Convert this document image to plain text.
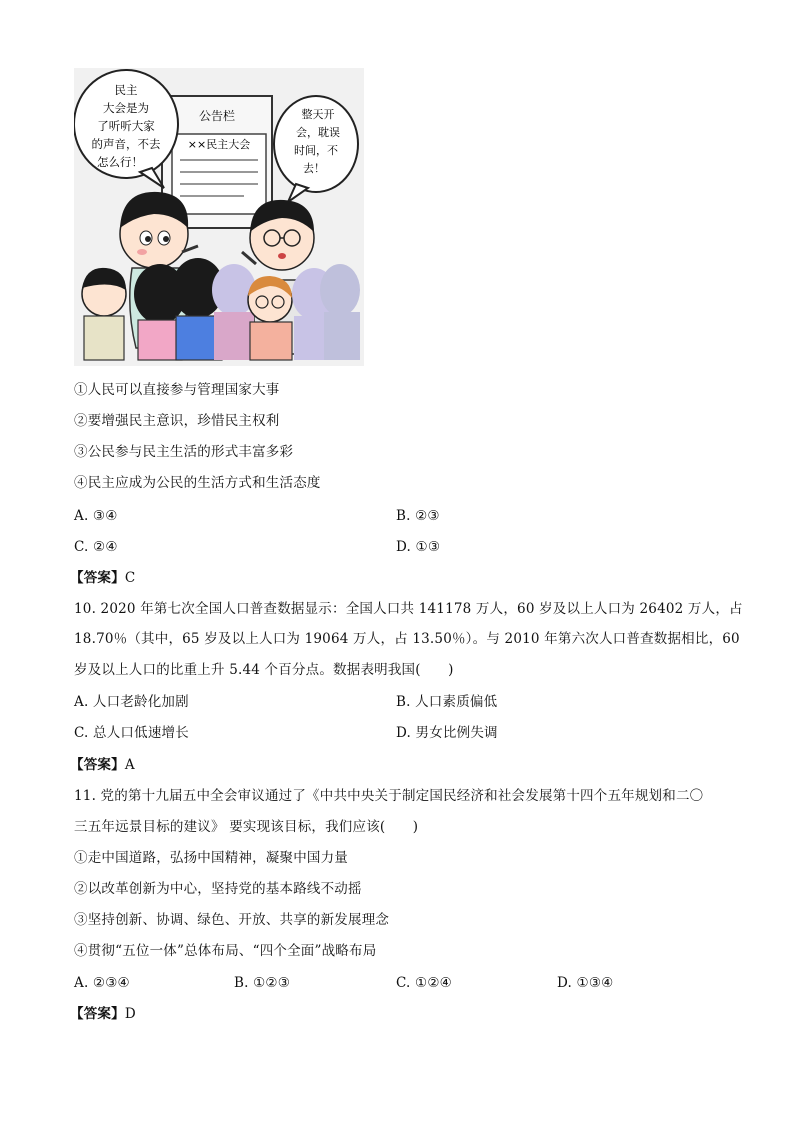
公告栏
××民主大会
民主
大会是为
了听听大家
的声音，不去
怎么行！
整天开
会，耽误
时间，不
去！
①人民可以直接参与管理国家大事
②要增强民主意识，珍惜民主权利
③公民参与民主生活的形式丰富多彩
④民主应成为公民的生活方式和生活态度
A. ③④	B. ②③
C. ②④	D. ①③
【答案】C
10. 2020 年第七次全国人口普查数据显示：全国人口共 141178 万人，60 岁及以上人口为 26402 万人，占
18.70％（其中，65 岁及以上人口为 19064 万人，占 13.50％）。与 2010 年第六次人口普查数据相比，60
岁及以上人口的比重上升 5.44 个百分点。数据表明我国(　　)
A. 人口老龄化加剧	B. 人口素质偏低
C. 总人口低速增长	D. 男女比例失调
【答案】A
11. 党的第十九届五中全会审议通过了《中共中央关于制定国民经济和社会发展第十四个五年规划和二〇
三五年远景目标的建议》 要实现该目标，我们应该(　　)
①走中国道路，弘扬中国精神，凝聚中国力量
②以改革创新为中心，坚持党的基本路线不动摇
③坚持创新、协调、绿色、开放、共享的新发展理念
④贯彻“五位一体”总体布局、“四个全面”战略布局
A. ②③④	B. ①②③	C. ①②④	D. ①③④
【答案】D
